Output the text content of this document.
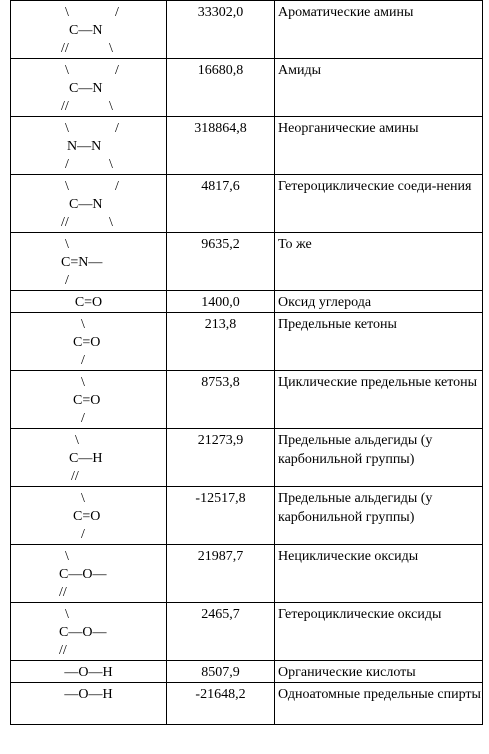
\ /
C—N
// \	33302,0	Ароматические амины

\ /
C—N
// \	16680,8	Амиды

\ /
N—N
/ \	318864,8	Неорганические амины

\ /
C—N
// \	4817,6	Гетероциклические соеди-нения

\
C=N—
/	9635,2	То же
C=O	1400,0	Оксид углерода

\
C=O
/	213,8	Предельные кетоны

\
C=O
/	8753,8	Циклические предельные кетоны

\
C—H
//	21273,9	Предельные альдегиды (у карбонильной группы)

\
C=O
/	-12517,8	Предельные альдегиды (у карбонильной группы)

\
C—O—
//	21987,7	Нециклические оксиды

\
C—O—
//	2465,7	Гетероциклические оксиды
—O—H	8507,9	Органические кислоты
—O—H	-21648,2	Одноатомные предельные спирты
